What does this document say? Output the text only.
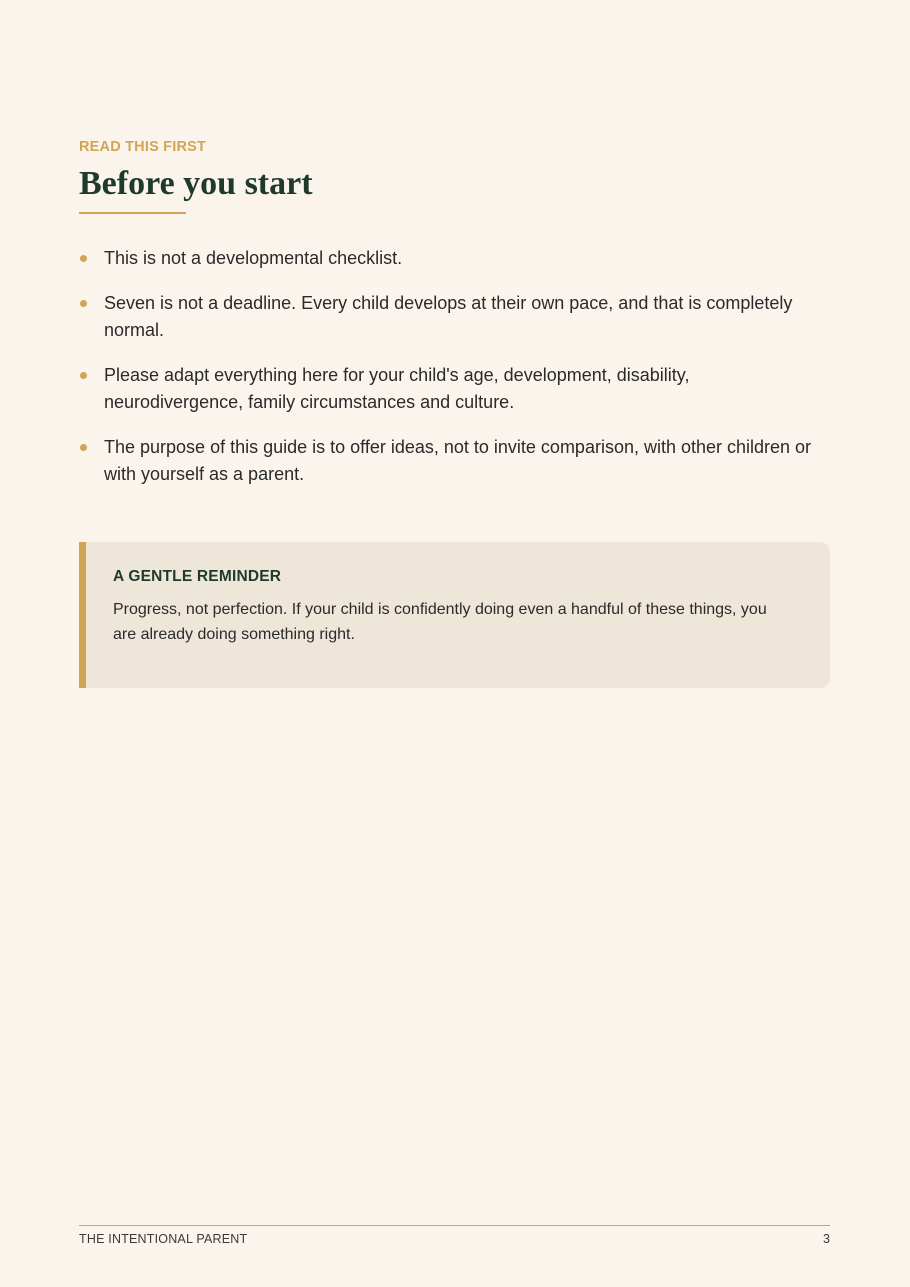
READ THIS FIRST
Before you start
This is not a developmental checklist.
Seven is not a deadline. Every child develops at their own pace, and that is completely normal.
Please adapt everything here for your child's age, development, disability, neurodivergence, family circumstances and culture.
The purpose of this guide is to offer ideas, not to invite comparison, with other children or with yourself as a parent.
A GENTLE REMINDER
Progress, not perfection. If your child is confidently doing even a handful of these things, you are already doing something right.
THE INTENTIONAL PARENT	3
